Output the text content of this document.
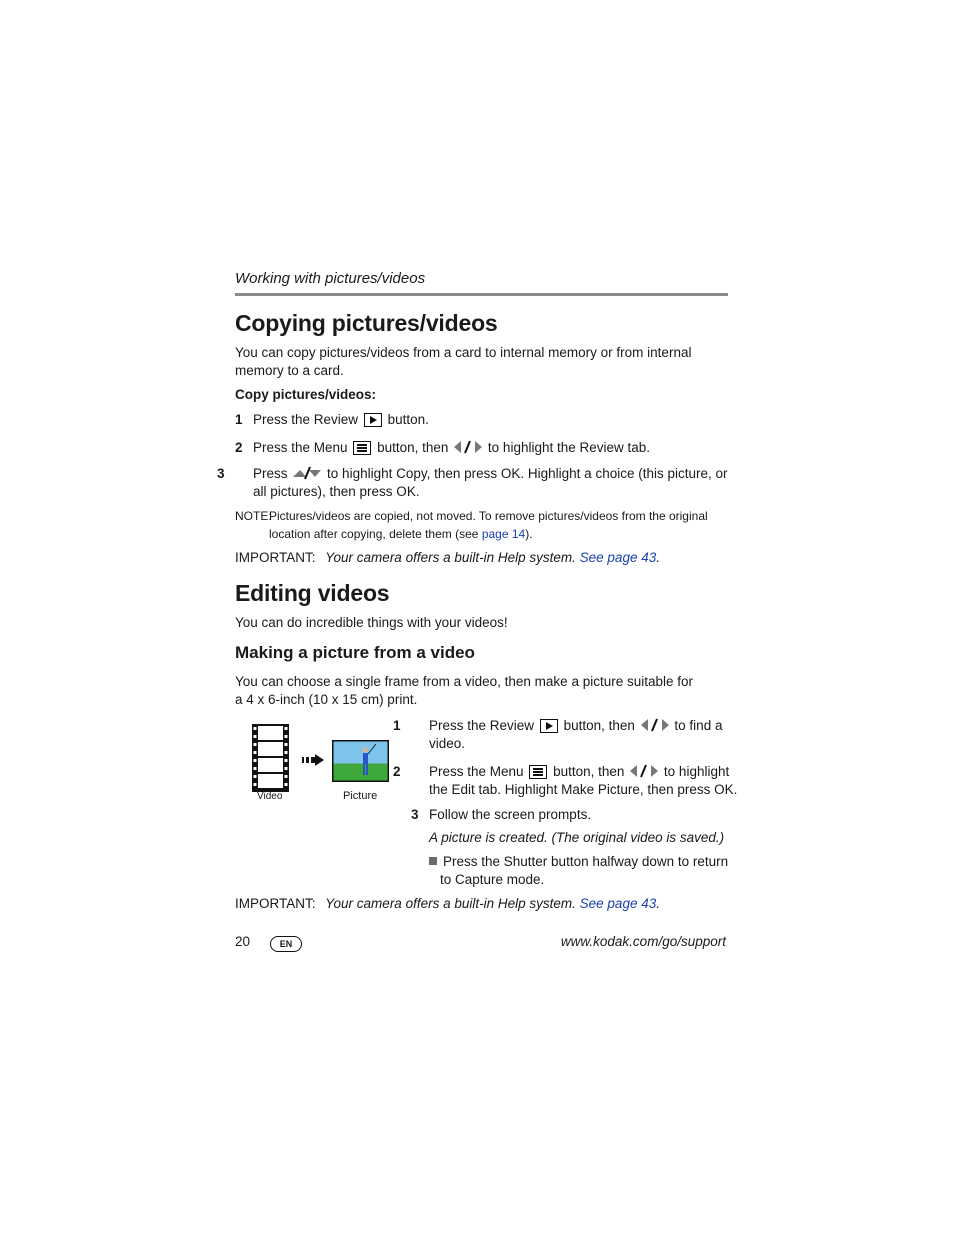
Working with pictures/videos
Copying pictures/videos
You can copy pictures/videos from a card to internal memory or from internal memory to a card.
Copy pictures/videos:
1 Press the Review button.
2 Press the Menu button, then	to highlight the Review tab.
3 Press	to highlight Copy, then press OK. Highlight a choice (this picture, or all pictures), then press OK.
NOTE:
Pictures/videos are copied, not moved. To remove pictures/videos from the original location after copying, delete them (see page 14).
IMPORTANT: Your camera offers a built-in Help system. See page 43.
Editing videos
You can do incredible things with your videos!
Making a picture from a video
You can choose a single frame from a video, then make a picture suitable for a 4 x 6-inch (10 x 15 cm) print.
Video	Picture
1 Press the Review button, then	to find a video.
2 Press the Menu button, then	to highlight the Edit tab. Highlight Make Picture, then press OK.
3 Follow the screen prompts.
A picture is created. (The original video is saved.)
Press the Shutter button halfway down to return to Capture mode.
IMPORTANT: Your camera offers a built-in Help system. See page 43.
20	EN	www.kodak.com/go/support
